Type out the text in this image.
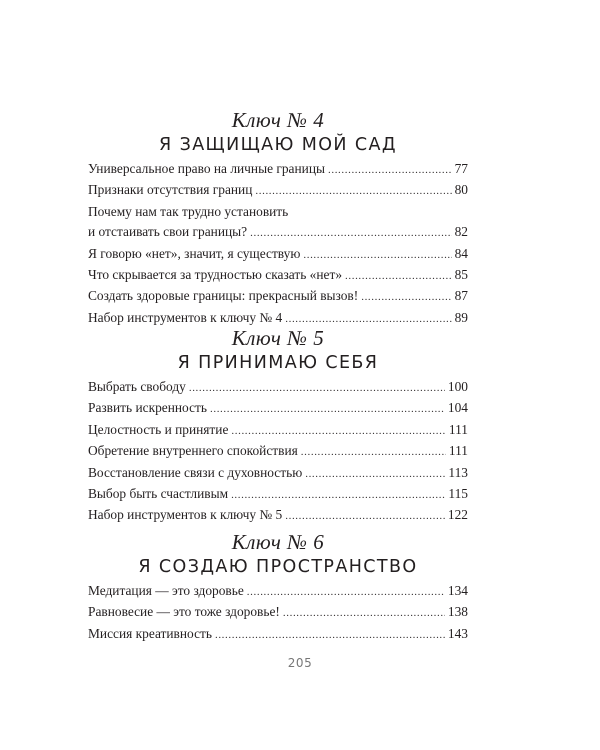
Ключ № 4
Я ЗАЩИЩАЮ МОЙ САД
Универсальное право на личные границы .....	77
Признаки отсутствия границ .....	80
Почему нам так трудно установить
и отстаивать свои границы? .....	82
Я говорю «нет», значит, я существую .....	84
Что скрывается за трудностью сказать «нет» .....	85
Создать здоровые границы: прекрасный вызов! .....	87
Набор инструментов к ключу № 4 .....	89
Ключ № 5
Я ПРИНИМАЮ СЕБЯ
Выбрать свободу .....	100
Развить искренность .....	104
Целостность и принятие .....	111
Обретение внутреннего спокойствия .....	111
Восстановление связи с духовностью .....	113
Выбор быть счастливым .....	115
Набор инструментов к ключу № 5 .....	122
Ключ № 6
Я СОЗДАЮ ПРОСТРАНСТВО
Медитация — это здоровье .....	134
Равновесие — это тоже здоровье! .....	138
Миссия креативность .....	143
205
